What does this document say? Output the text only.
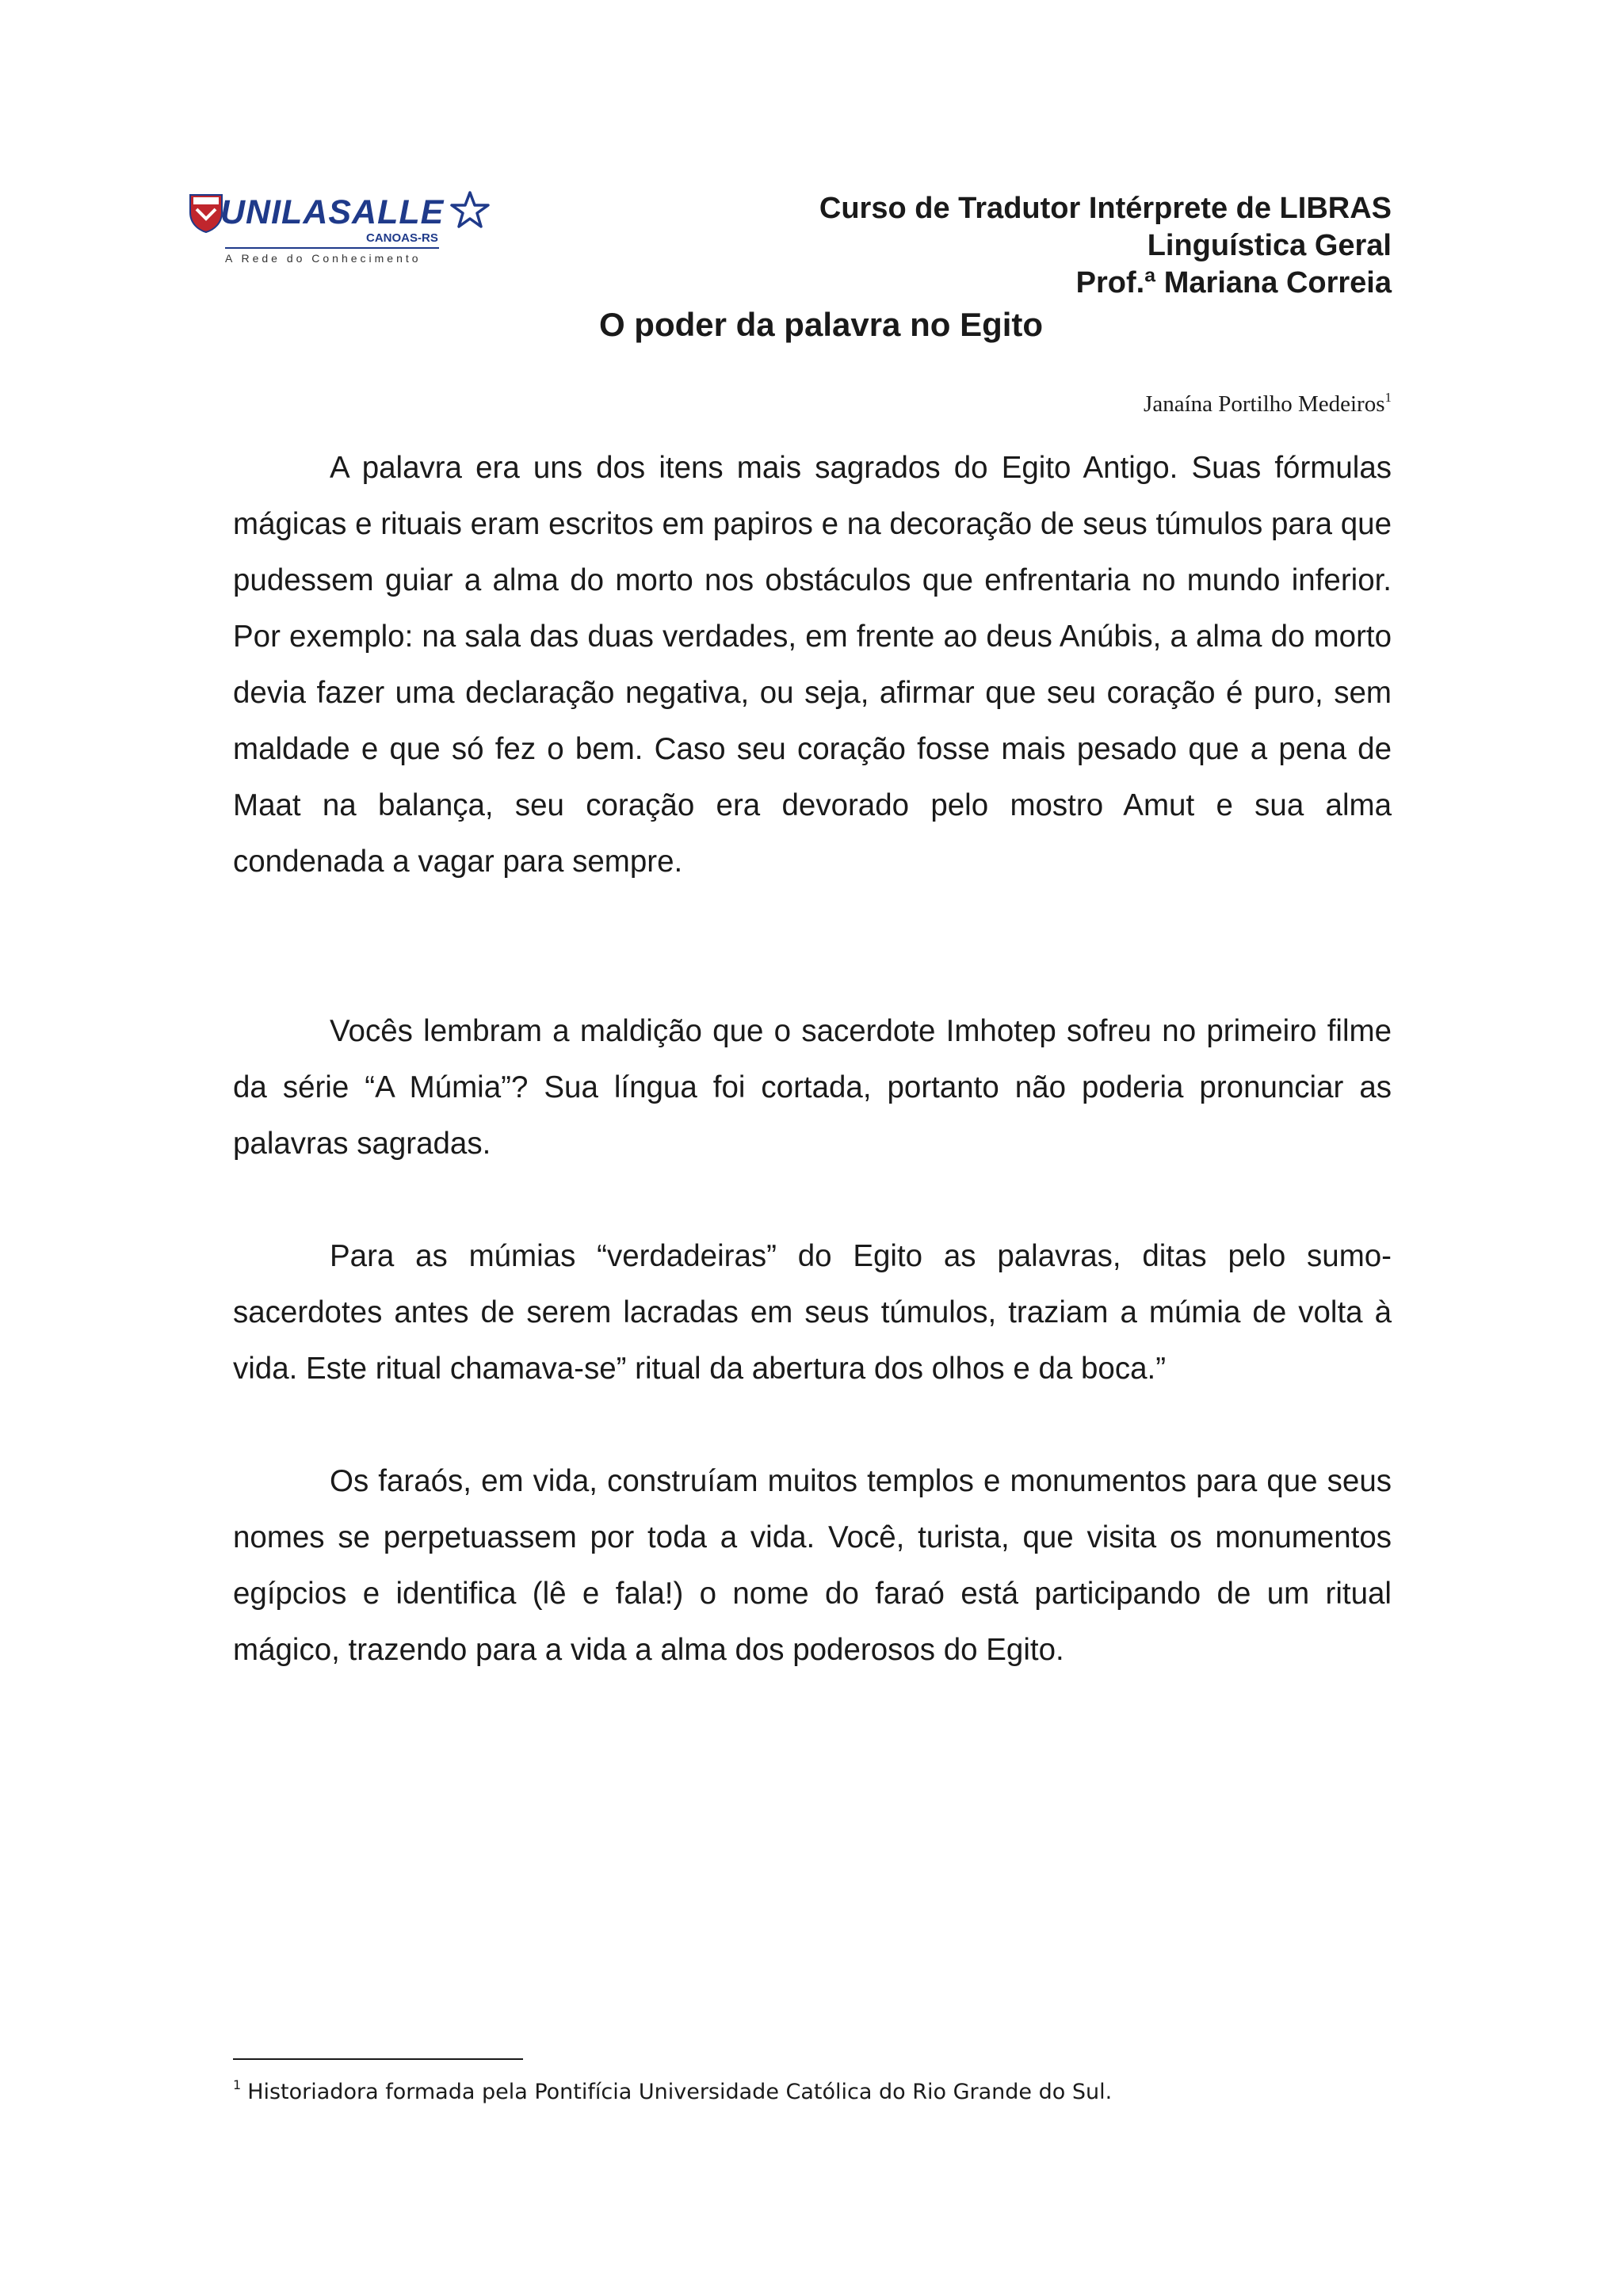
UNILASALLE
CANOAS-RS
A Rede do Conhecimento
Curso de Tradutor Intérprete de LIBRAS
Linguística Geral
Prof.ª Mariana Correia
O poder da palavra no Egito
Janaína Portilho Medeiros$^1$

A palavra era uns dos itens mais sagrados do Egito Antigo. Suas fórmulas mágicas e rituais eram escritos em papiros e na decoração de seus túmulos para que pudessem guiar a alma do morto nos obstáculos que enfrentaria no mundo inferior. Por exemplo: na sala das duas verdades, em frente ao deus Anúbis, a alma do morto devia fazer uma declaração negativa, ou seja, afirmar que seu coração é puro, sem maldade e que só fez o bem. Caso seu coração fosse mais pesado que a pena de Maat na balança, seu coração era devorado pelo mostro Amut e sua alma condenada a vagar para sempre.

Vocês lembram a maldição que o sacerdote Imhotep sofreu no primeiro filme da série “A Múmia”? Sua língua foi cortada, portanto não poderia pronunciar as palavras sagradas.

Para as múmias “verdadeiras” do Egito as palavras, ditas pelo sumo-sacerdotes antes de serem lacradas em seus túmulos, traziam a múmia de volta à vida. Este ritual chamava-se” ritual da abertura dos olhos e da boca.”

Os faraós, em vida, construíam muitos templos e monumentos para que seus nomes se perpetuassem por toda a vida. Você, turista, que visita os monumentos egípcios e identifica (lê e fala!) o nome do faraó está participando de um ritual mágico, trazendo para a vida a alma dos poderosos do Egito.

$^1$ Historiadora formada pela Pontifícia Universidade Católica do Rio Grande do Sul.
